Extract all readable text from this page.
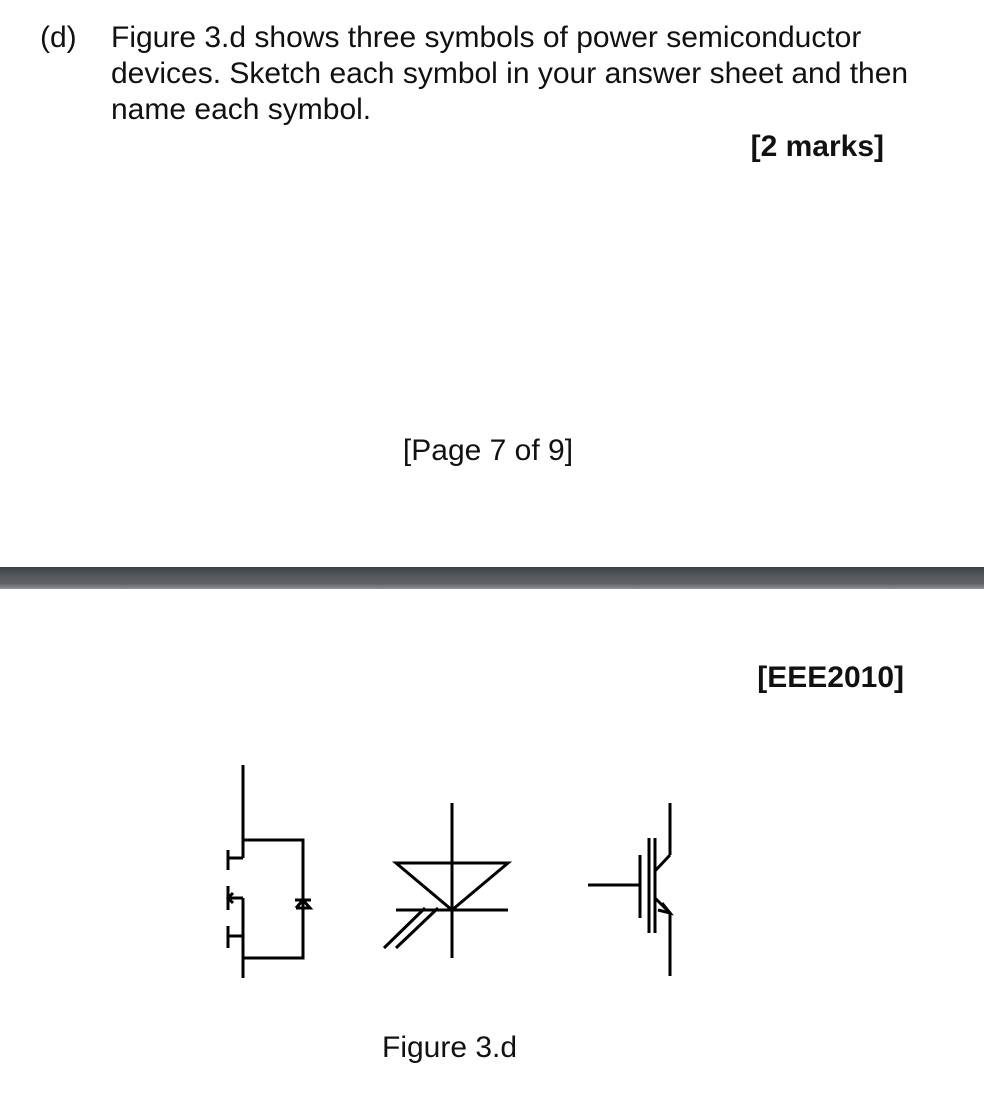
(d) Figure 3.d shows three symbols of power semiconductor devices. Sketch each symbol in your answer sheet and then name each symbol.

[2 marks]

[Page 7 of 9]

[EEE2010]

Figure 3.d
